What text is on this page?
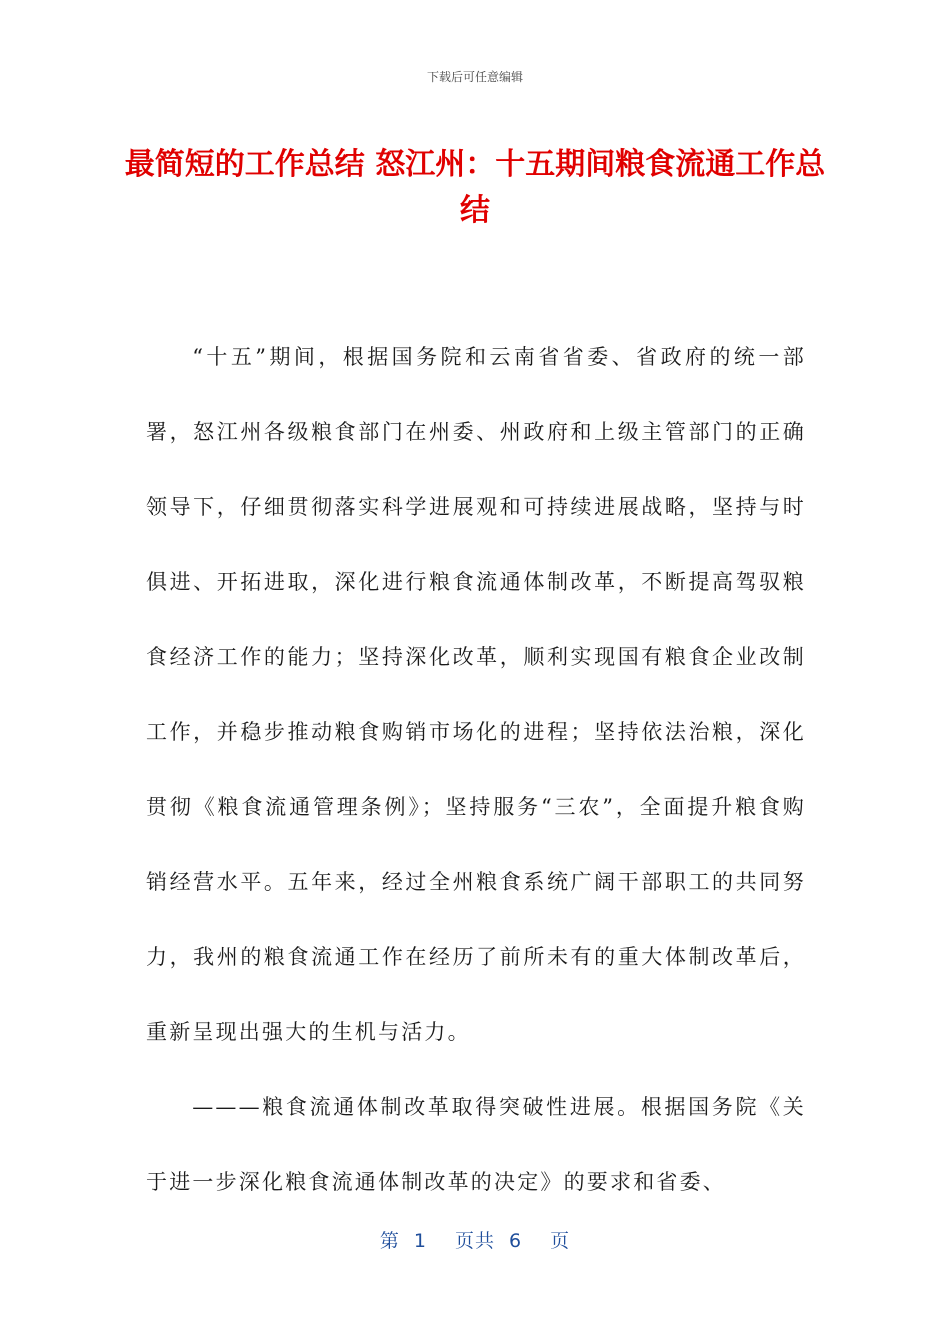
下载后可任意编辑
最简短的工作总结 怒江州：十五期间粮食流通工作总结

“十五”期间，根据国务院和云南省省委、省政府的统一部署，怒江州各级粮食部门在州委、州政府和上级主管部门的正确领导下，仔细贯彻落实科学进展观和可持续进展战略，坚持与时俱进、开拓进取，深化进行粮食流通体制改革，不断提高驾驭粮食经济工作的能力；坚持深化改革，顺利实现国有粮食企业改制工作，并稳步推动粮食购销市场化的进程；坚持依法治粮，深化贯彻《粮食流通管理条例》；坚持服务“三农”，全面提升粮食购销经营水平。五年来，经过全州粮食系统广阔干部职工的共同努力，我州的粮食流通工作在经历了前所未有的重大体制改革后，重新呈现出强大的生机与活力。

———粮食流通体制改革取得突破性进展。根据国务院《关于进一步深化粮食流通体制改革的决定》的要求和省委、

第 1 页共 6 页
